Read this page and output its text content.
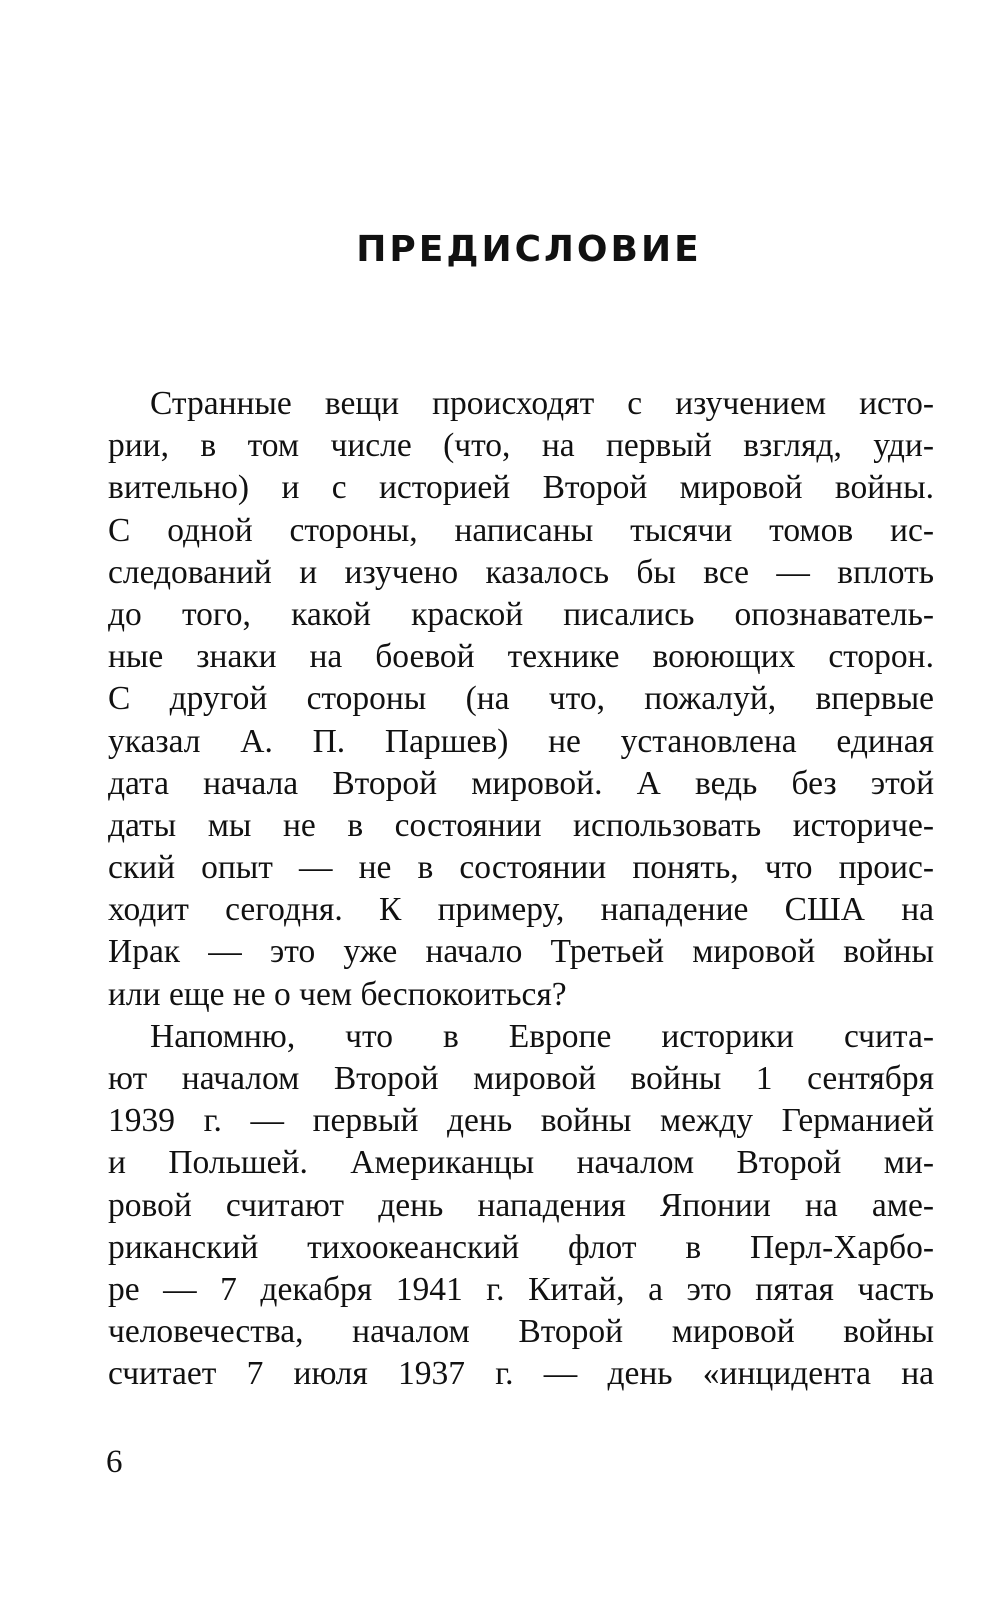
ПРЕДИСЛОВИЕ

Странные вещи происходят с изучением исто-
рии, в том числе (что, на первый взгляд, уди-
вительно) и с историей Второй мировой войны.
С одной стороны, написаны тысячи томов ис-
следований и изучено казалось бы все — вплоть
до того, какой краской писались опознаватель-
ные знаки на боевой технике воюющих сторон.
С другой стороны (на что, пожалуй, впервые
указал А. П. Паршев) не установлена единая
дата начала Второй мировой. А ведь без этой
даты мы не в состоянии использовать историче-
ский опыт — не в состоянии понять, что проис-
ходит сегодня. К примеру, нападение США на
Ирак — это уже начало Третьей мировой войны
или еще не о чем беспокоиться?

Напомню, что в Европе историки счита-
ют началом Второй мировой войны 1 сентября
1939 г. — первый день войны между Германией
и Польшей. Американцы началом Второй ми-
ровой считают день нападения Японии на аме-
риканский тихоокеанский флот в Перл-Харбо-
ре — 7 декабря 1941 г. Китай, а это пятая часть
человечества, началом Второй мировой войны
считает 7 июля 1937 г. — день «инцидента на

6
